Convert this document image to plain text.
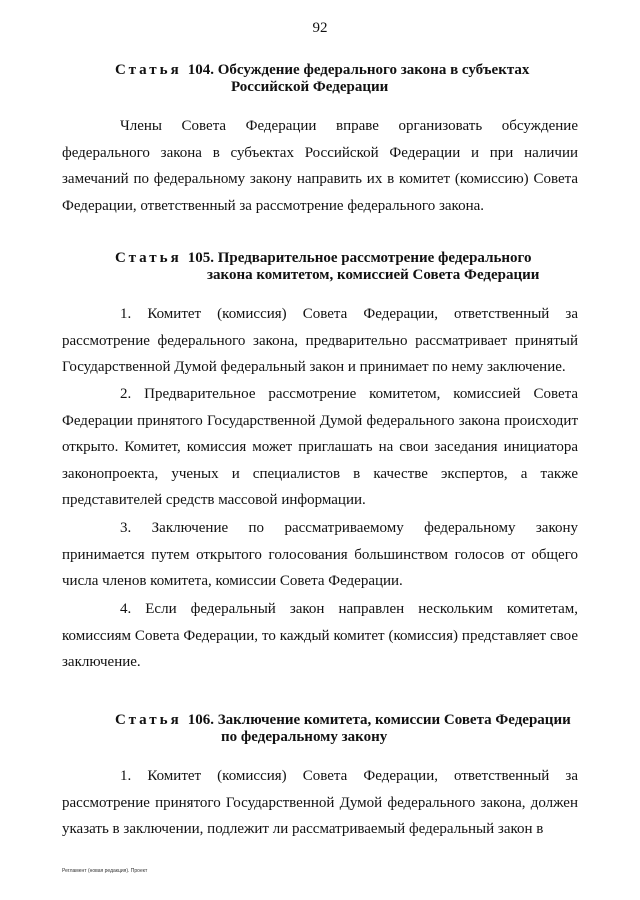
92
Статья 104. Обсуждение федерального закона в субъектах
Российской Федерации

Члены Совета Федерации вправе организовать обсуждение федерального закона в субъектах Российской Федерации и при наличии замечаний по федеральному закону направить их в комитет (комиссию) Совета Федерации, ответственный за рассмотрение федерального закона.

Статья 105. Предварительное рассмотрение федерального
закона комитетом, комиссией Совета Федерации

1. Комитет (комиссия) Совета Федерации, ответственный за рассмотрение федерального закона, предварительно рассматривает принятый Государственной Думой федеральный закон и принимает по нему заключение.

2. Предварительное рассмотрение комитетом, комиссией Совета Федерации принятого Государственной Думой федерального закона происходит открыто. Комитет, комиссия может приглашать на свои заседания инициатора законопроекта, ученых и специалистов в качестве экспертов, а также представителей средств массовой информации.

3. Заключение по рассматриваемому федеральному закону принимается путем открытого голосования большинством голосов от общего числа членов комитета, комиссии Совета Федерации.

4. Если федеральный закон направлен нескольким комитетам, комиссиям Совета Федерации, то каждый комитет (комиссия) представляет свое заключение.

Статья 106. Заключение комитета, комиссии Совета Федерации
по федеральному закону

1. Комитет (комиссия) Совета Федерации, ответственный за рассмотрение принятого Государственной Думой федерального закона, должен указать в заключении, подлежит ли рассматриваемый федеральный закон в

Регламент (новая редакция). Проект
